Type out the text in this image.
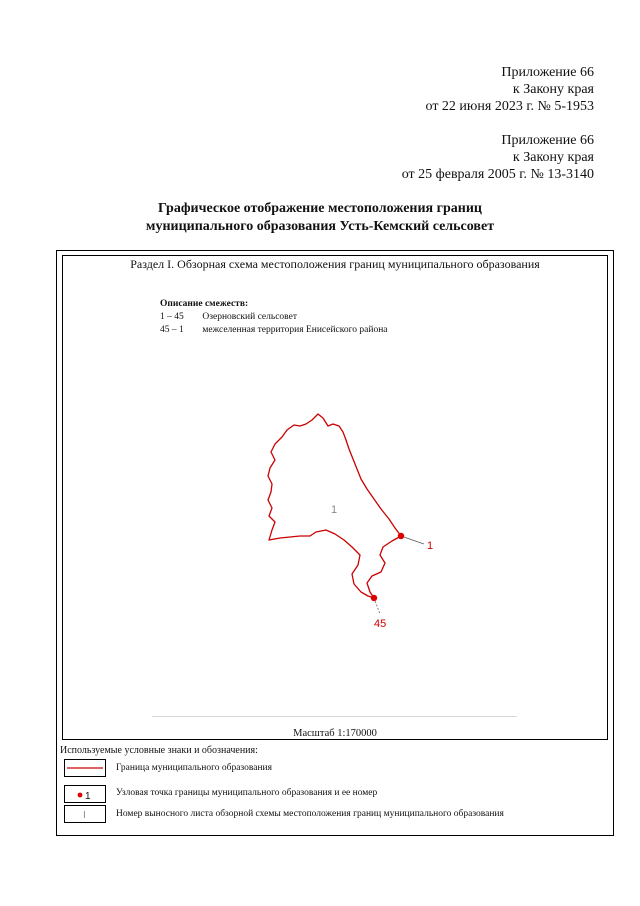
Приложение 66
к Закону края
от 22 июня 2023 г. № 5-1953
Приложение 66
к Закону края
от 25 февраля 2005 г. № 13-3140
Графическое отображение местоположения границ
муниципального образования Усть-Кемский сельсовет
Раздел I. Обзорная схема местоположения границ муниципального образования
Описание смежеств:
1 – 45 Озерновский сельсовет
45 – 1 межселенная территория Енисейского района
1
45
1
Масштаб 1:170000
Используемые условные знаки и обозначения:
Граница муниципального образования
1	Узловая точка границы муниципального образования и ее номер
I	Номер выносного листа обзорной схемы местоположения границ муниципального образования
